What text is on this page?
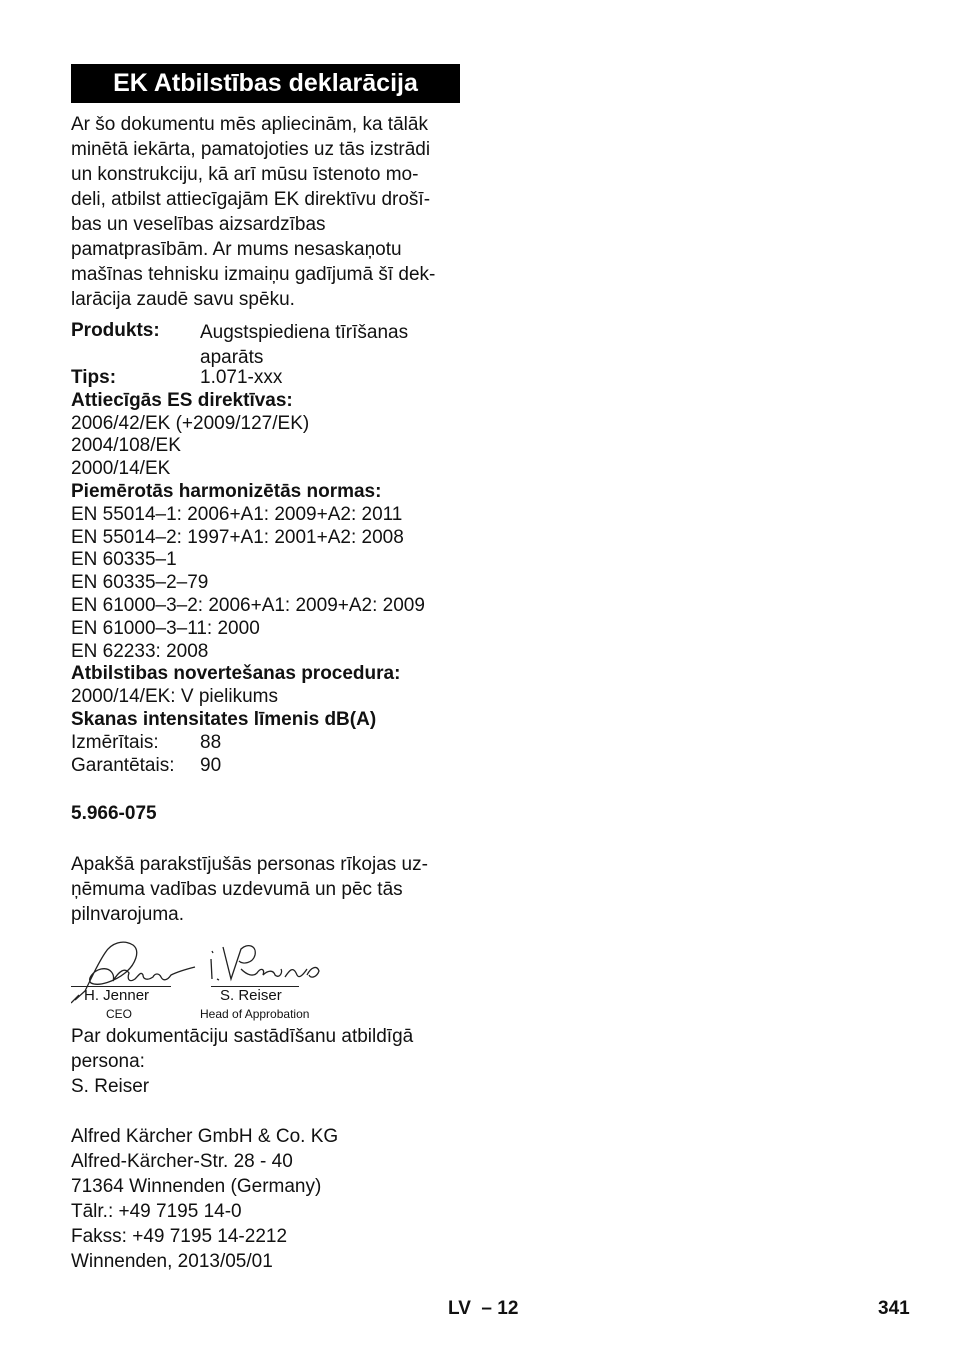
EK Atbilstības deklarācija
Ar šo dokumentu mēs apliecinām, ka tālāk
minētā iekārta, pamatojoties uz tās izstrādi
un konstrukciju, kā arī mūsu īstenoto mo-
deli, atbilst attiecīgajām EK direktīvu drošī-
bas un veselības aizsardzības
pamatprasībām. Ar mums nesaskaņotu
mašīnas tehnisku izmaiņu gadījumā šī dek-
larācija zaudē savu spēku.
Produkts: Augstspiediena tīrīšanas
aparāts
Tips:	1.071-xxx
Attiecīgās ES direktīvas:
2006/42/EK (+2009/127/EK)
2004/108/EK
2000/14/EK
Piemērotās harmonizētās normas:
EN 55014–1: 2006+A1: 2009+A2: 2011
EN 55014–2: 1997+A1: 2001+A2: 2008
EN 60335–1
EN 60335–2–79
EN 61000–3–2: 2006+A1: 2009+A2: 2009
EN 61000–3–11: 2000
EN 62233: 2008
Atbilstibas novertešanas procedura:
2000/14/EK: V pielikums
Skanas intensitates līmenis dB(A)
Izmērītais: 88
Garantētais: 90
5.966-075
Apakšā parakstījušās personas rīkojas uz-
ņēmuma vadības uzdevumā un pēc tās
pilnvarojuma.
H. Jenner	S. Reiser
CEO	Head of Approbation
Par dokumentāciju sastādīšanu atbildīgā
persona:
S. Reiser
Alfred Kärcher GmbH & Co. KG
Alfred-Kärcher-Str. 28 - 40
71364 Winnenden (Germany)
Tālr.: +49 7195 14-0
Fakss: +49 7195 14-2212
Winnenden, 2013/05/01
LV  – 12	341
